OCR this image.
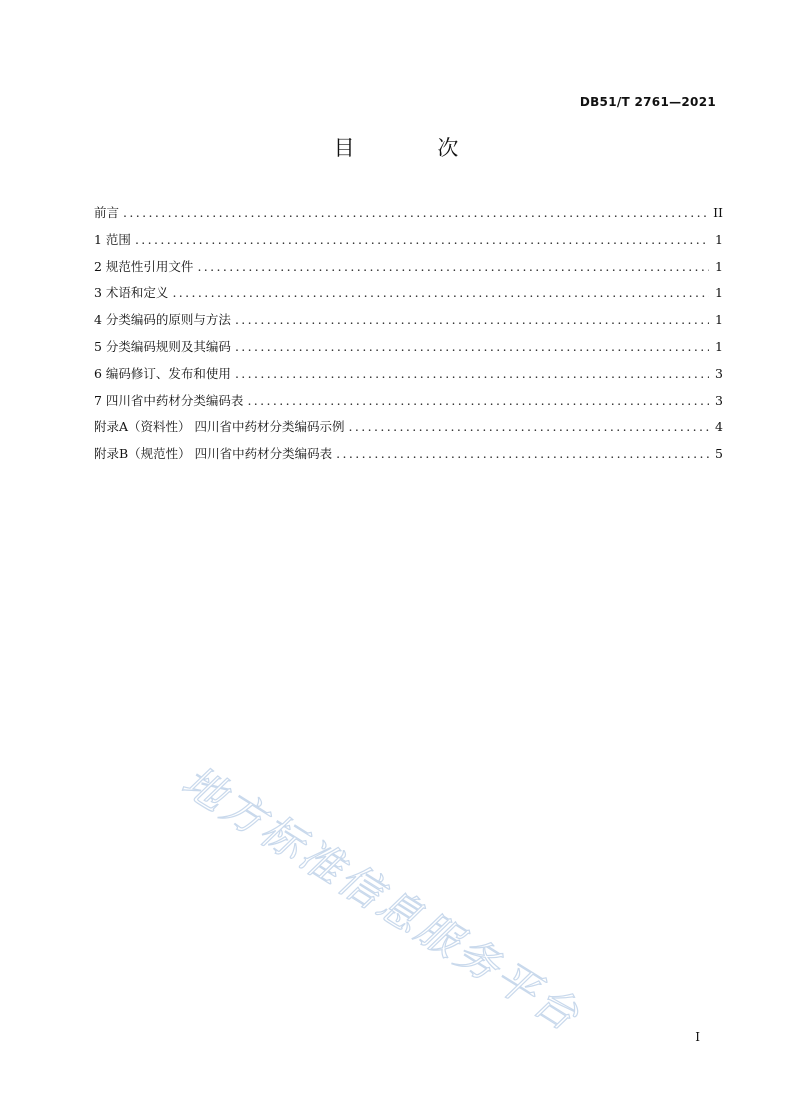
DB51/T 2761—2021
目 次
前言 .....	II
1 范围 .....	1
2 规范性引用文件 .....	1
3 术语和定义 .....	1
4 分类编码的原则与方法 .....	1
5 分类编码规则及其编码 .....	1
6 编码修订、发布和使用 .....	3
7 四川省中药材分类编码表 .....	3
附录A（资料性） 四川省中药材分类编码示例 .....	4
附录B（规范性） 四川省中药材分类编码表 .....	5
地方标准信息服务平台	I
